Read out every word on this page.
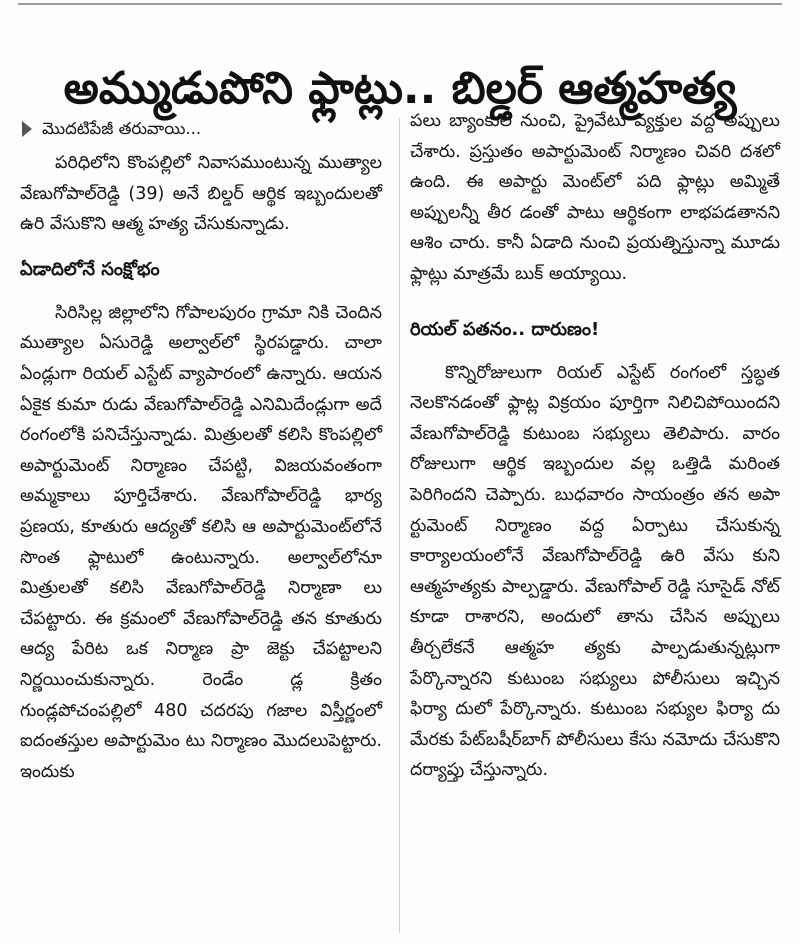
అమ్ముడుపోని ఫ్లాట్లు.. బిల్డర్ ఆత్మహత్య
మొదటిపేజీ తరువాయి...

పరిధిలోని కొంపల్లిలో నివాసముంటున్న ముత్యాల వేణుగోపాల్‌రెడ్డి (39) అనే బిల్డర్ ఆర్థిక ఇబ్బందులతో ఉరి వేసుకొని ఆత్మ హత్య చేసుకున్నాడు.

ఏడాదిలోనే సంక్షోభం

సిరిసిల్ల జిల్లాలోని గోపాలపురం గ్రామా నికి చెందిన ముత్యాల ఏసురెడ్డి అల్వాల్‌లో స్థిరపడ్డారు. చాలా ఏండ్లుగా రియల్ ఎస్టేట్ వ్యాపారంలో ఉన్నారు. ఆయన ఏకైక కుమా రుడు వేణుగోపాల్‌రెడ్డి ఎనిమిదేండ్లుగా అదే రంగంలోకి పనిచేస్తున్నాడు. మిత్రులతో కలిసి కొంపల్లిలో అపార్టుమెంట్ నిర్మాణం చేపట్టి, విజయవంతంగా అమ్మకాలు పూర్తిచేశారు. వేణుగోపాల్‌రెడ్డి భార్య ప్రణయ, కూతురు ఆద్యతో కలిసి ఆ అపార్టుమెంట్‌లోనే సొంత ఫ్లాటులో ఉంటున్నారు. అల్వాల్‌లోనూ మిత్రులతో కలిసి వేణుగోపాల్‌రెడ్డి నిర్మాణా లు చేపట్టారు. ఈ క్రమంలో వేణుగోపాల్‌రెడ్డి తన కూతురు ఆద్య పేరిట ఒక నిర్మాణ ప్రా జెక్టు చేపట్టాలని నిర్ణయించుకున్నారు. రెండేం డ్ల క్రితం గుండ్లపోచంపల్లిలో 480 చదరపు గజాల విస్తీర్ణంలో ఐదంతస్తుల అపార్టుమెం టు నిర్మాణం మొదలుపెట్టారు. ఇందుకు

పలు బ్యాంకుల నుంచి, ప్రైవేటు వ్యక్తుల వద్ద అప్పులు చేశారు. ప్రస్తుతం అపార్టుమెంట్ నిర్మాణం చివరి దశలో ఉంది. ఈ అపార్టు మెంట్‌లో పది ఫ్లాట్లు అమ్మితే అప్పులన్నీ తీర డంతో పాటు ఆర్థికంగా లాభపడతానని ఆశిం చారు. కానీ ఏడాది నుంచి ప్రయత్నిస్తున్నా మూడు ఫ్లాట్లు మాత్రమే బుక్ అయ్యాయి.

రియల్ పతనం.. దారుణం!

కొన్నిరోజులుగా రియల్ ఎస్టేట్ రంగంలో స్తబ్ధత నెలకొనడంతో ఫ్లాట్ల విక్రయం పూర్తిగా నిలిచిపోయిందని వేణుగోపాల్‌రెడ్డి కుటుంబ సభ్యులు తెలిపారు. వారం రోజులుగా ఆర్థిక ఇబ్బందుల వల్ల ఒత్తిడి మరింత పెరిగిందని చెప్పారు. బుధవారం సాయంత్రం తన అపా ర్టుమెంట్ నిర్మాణం వద్ద ఏర్పాటు చేసుకున్న కార్యాలయంలోనే వేణుగోపాల్‌రెడ్డి ఉరి వేసు కుని ఆత్మహత్యకు పాల్పడ్డారు. వేణుగోపాల్ రెడ్డి సూసైడ్ నోట్ కూడా రాశారని, అందులో తాను చేసిన అప్పులు తీర్చలేకనే ఆత్మహ త్యకు పాల్పడుతున్నట్లుగా పేర్కొన్నారని కుటుంబ సభ్యులు పోలీసులు ఇచ్చిన ఫిర్యా దులో పేర్కొన్నారు. కుటుంబ సభ్యుల ఫిర్యా దు మేరకు పేట్‌బషీర్‌బాగ్ పోలీసులు కేసు నమోదు చేసుకొని దర్యాప్తు చేస్తున్నారు.
